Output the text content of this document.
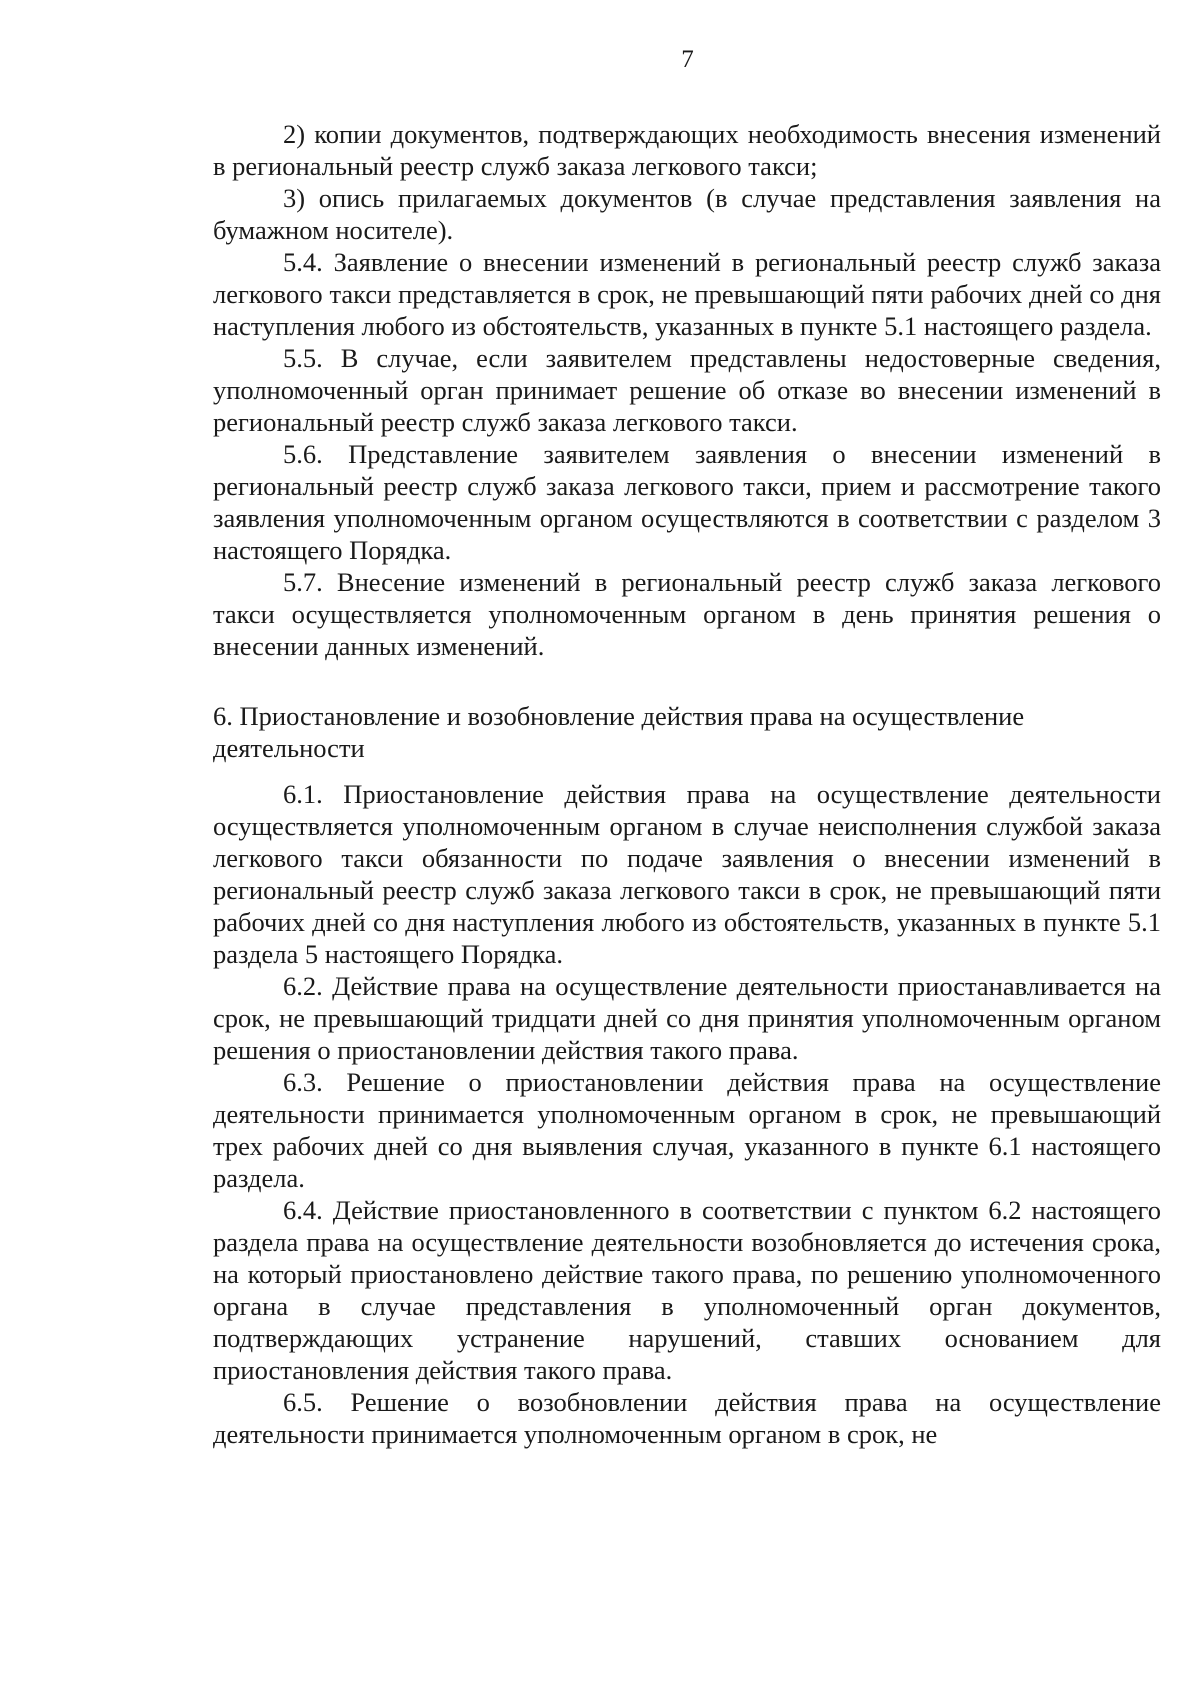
7

2) копии документов, подтверждающих необходимость внесения изменений в региональный реестр служб заказа легкового такси;

3) опись прилагаемых документов (в случае представления заявления на бумажном носителе).

5.4. Заявление о внесении изменений в региональный реестр служб заказа легкового такси представляется в срок, не превышающий пяти рабочих дней со дня наступления любого из обстоятельств, указанных в пункте 5.1 настоящего раздела.

5.5. В случае, если заявителем представлены недостоверные сведения, уполномоченный орган принимает решение об отказе во внесении изменений в региональный реестр служб заказа легкового такси.

5.6. Представление заявителем заявления о внесении изменений в региональный реестр служб заказа легкового такси, прием и рассмотрение такого заявления уполномоченным органом осуществляются в соответствии с разделом 3 настоящего Порядка.

5.7. Внесение изменений в региональный реестр служб заказа легкового такси осуществляется уполномоченным органом в день принятия решения о внесении данных изменений.

6. Приостановление и возобновление действия права на осуществление деятельности

6.1. Приостановление действия права на осуществление деятельности осуществляется уполномоченным органом в случае неисполнения службой заказа легкового такси обязанности по подаче заявления о внесении изменений в региональный реестр служб заказа легкового такси в срок, не превышающий пяти рабочих дней со дня наступления любого из обстоятельств, указанных в пункте 5.1 раздела 5 настоящего Порядка.

6.2. Действие права на осуществление деятельности приостанавливается на срок, не превышающий тридцати дней со дня принятия уполномоченным органом решения о приостановлении действия такого права.

6.3. Решение о приостановлении действия права на осуществление деятельности принимается уполномоченным органом в срок, не превышающий трех рабочих дней со дня выявления случая, указанного в пункте 6.1 настоящего раздела.

6.4. Действие приостановленного в соответствии с пунктом 6.2 настоящего раздела права на осуществление деятельности возобновляется до истечения срока, на который приостановлено действие такого права, по решению уполномоченного органа в случае представления в уполномоченный орган документов, подтверждающих устранение нарушений, ставших основанием для приостановления действия такого права.

6.5. Решение о возобновлении действия права на осуществление деятельности принимается уполномоченным органом в срок, не
